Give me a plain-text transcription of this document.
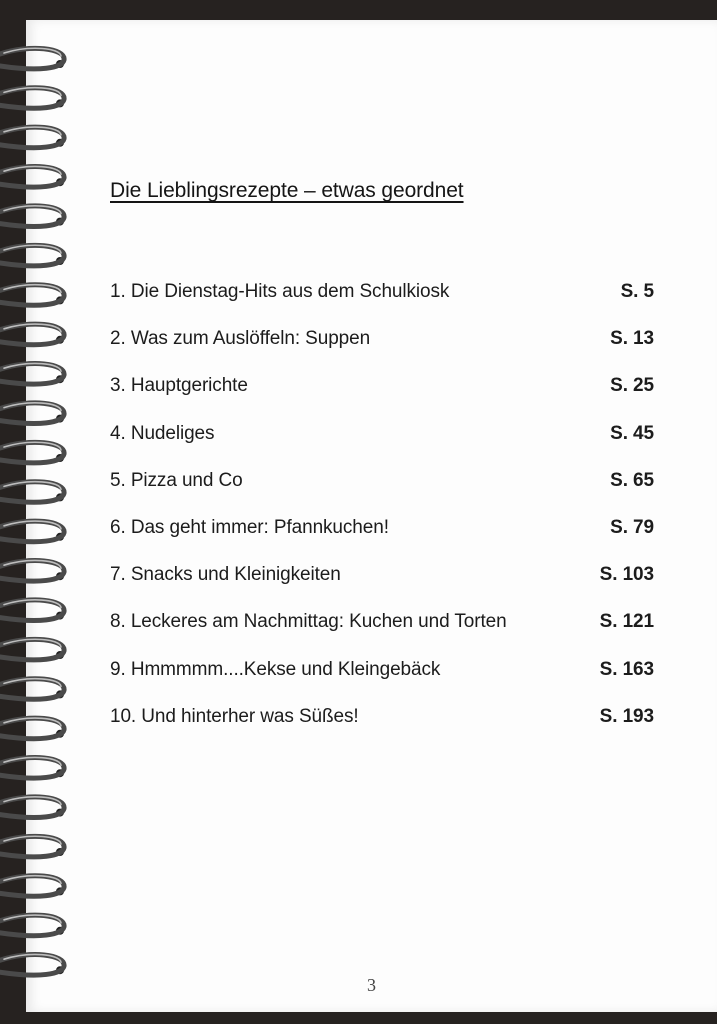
Die Lieblingsrezepte – etwas geordnet
1. Die Dienstag-Hits aus dem Schulkiosk	S. 5
2. Was zum Auslöffeln: Suppen	S. 13
3. Hauptgerichte	S. 25
4. Nudeliges	S. 45
5. Pizza und Co	S. 65
6. Das geht immer: Pfannkuchen!	S. 79
7. Snacks und Kleinigkeiten	S. 103
8. Leckeres am Nachmittag: Kuchen und Torten	S. 121
9. Hmmmmm....Kekse und Kleingebäck	S. 163
10. Und hinterher was Süßes!	S. 193
3
